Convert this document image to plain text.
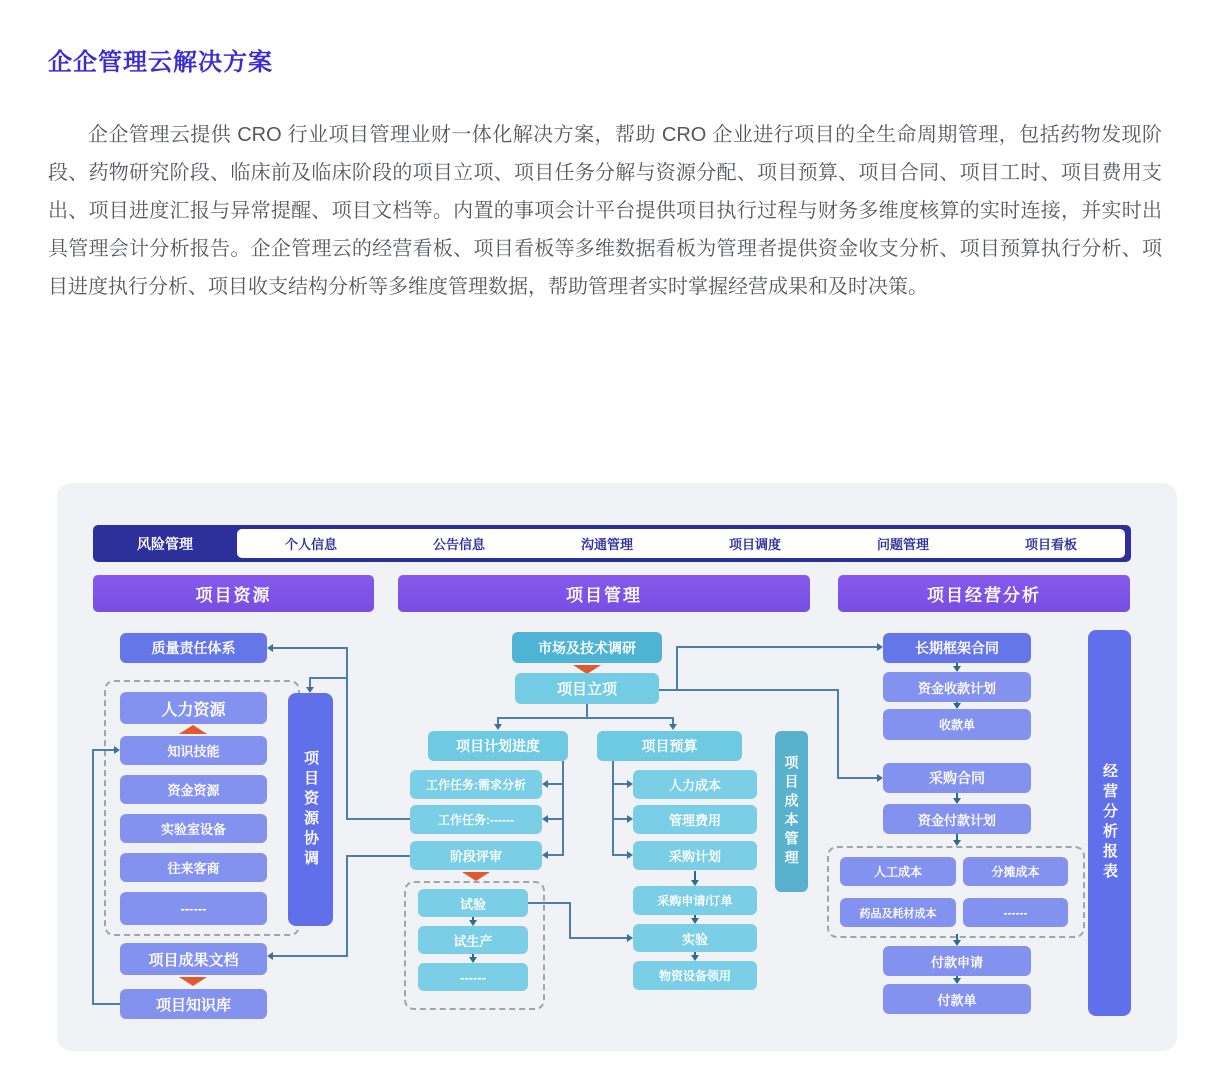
企企管理云解决方案

企企管理云提供 CRO 行业项目管理业财一体化解决方案，帮助 CRO 企业进行项目的全生命周期管理，包括药物发现阶段、药物研究阶段、临床前及临床阶段的项目立项、项目任务分解与资源分配、项目预算、项目合同、项目工时、项目费用支出、项目进度汇报与异常提醒、项目文档等。内置的事项会计平台提供项目执行过程与财务多维度核算的实时连接，并实时出具管理会计分析报告。企企管理云的经营看板、项目看板等多维数据看板为管理者提供资金收支分析、项目预算执行分析、项目进度执行分析、项目收支结构分析等多维度管理数据，帮助管理者实时掌握经营成果和及时决策。

风险管理	个人信息	公告信息	沟通管理	项目调度	问题管理	项目看板
项目资源	项目管理	项目经营分析
质量责任体系
人力资源
知识技能
资金资源
实验室设备
往来客商
------
项目成果文档
项目知识库
项目资源协调
市场及技术调研
项目立项
项目计划进度
工作任务:需求分析
工作任务:------
阶段评审
试验
试生产
------
项目预算
人力成本
管理费用
采购计划
采购申请/订单
实验
物资设备领用
项目成本管理
长期框架合同
资金收款计划
收款单
采购合同
资金付款计划
人工成本	分摊成本
药品及耗材成本	------
付款申请
付款单
经营分析报表
